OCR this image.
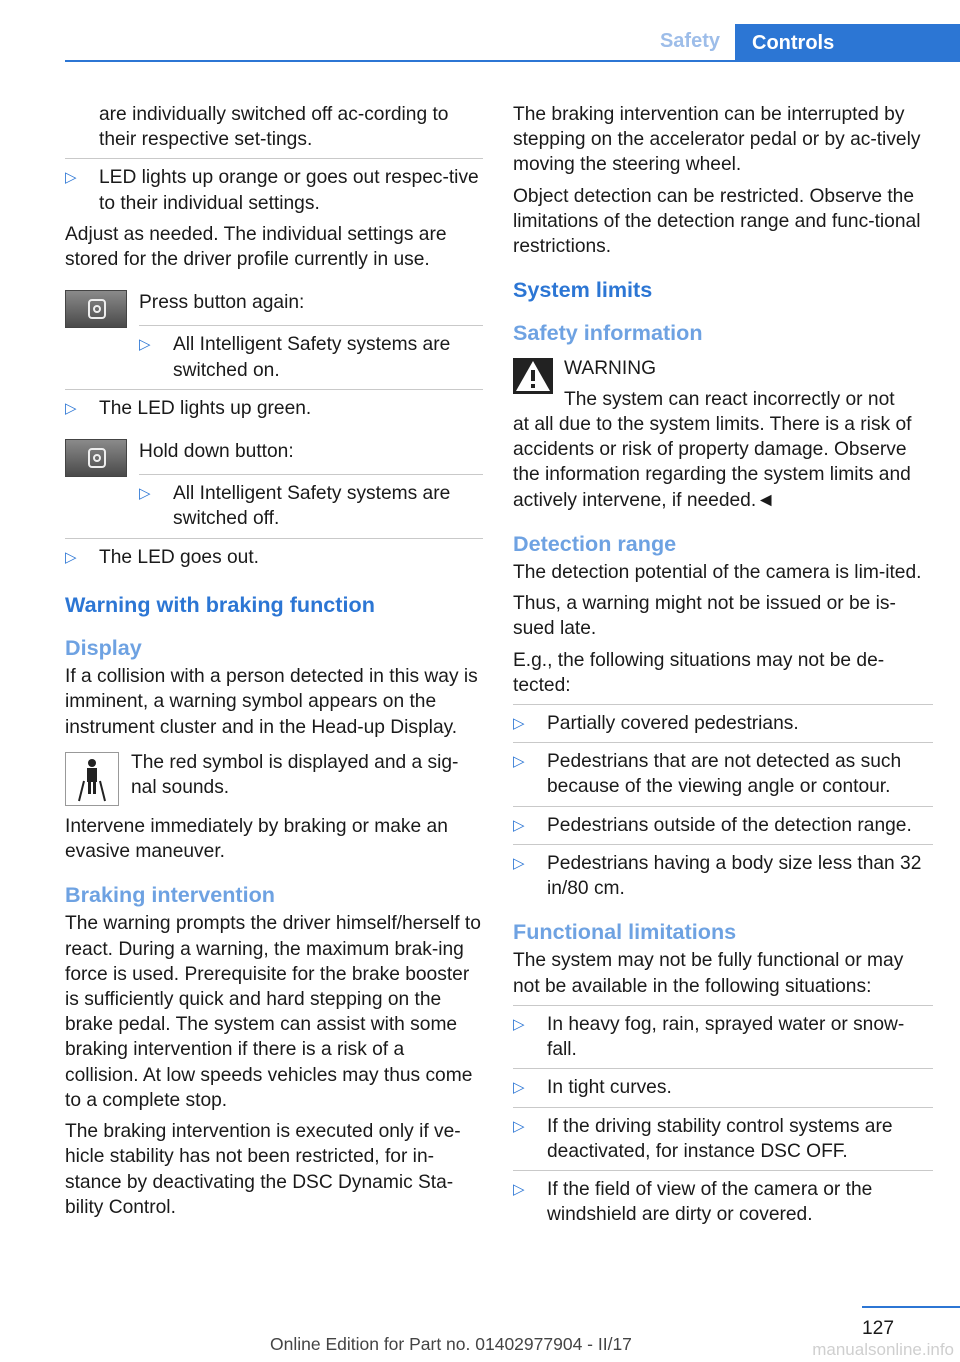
Safety	Controls

are individually switched off ac-cording to their respective set-tings.

▷ LED lights up orange or goes out respec-tive to their individual settings.

Adjust as needed. The individual settings are stored for the driver profile currently in use.

Press button again:
▷ All Intelligent Safety systems are switched on.
▷ The LED lights up green.
Hold down button:
▷ All Intelligent Safety systems are switched off.
▷ The LED goes out.
Warning with braking function
Display

If a collision with a person detected in this way is imminent, a warning symbol appears on the instrument cluster and in the Head-up Display.

The red symbol is displayed and a sig-nal sounds.

Intervene immediately by braking or make an evasive maneuver.

Braking intervention

The warning prompts the driver himself/herself to react. During a warning, the maximum brak-ing force is used. Prerequisite for the brake booster is sufficiently quick and hard stepping on the brake pedal. The system can assist with some braking intervention if there is a risk of a collision. At low speeds vehicles may thus come to a complete stop.

The braking intervention is executed only if ve-hicle stability has not been restricted, for in-stance by deactivating the DSC Dynamic Sta-bility Control.

The braking intervention can be interrupted by stepping on the accelerator pedal or by ac-tively moving the steering wheel.

Object detection can be restricted. Observe the limitations of the detection range and func-tional restrictions.

System limits
Safety information
WARNING
The system can react incorrectly or not
at all due to the system limits. There is a risk of accidents or risk of property damage. Observe the information regarding the system limits and actively intervene, if needed.◄
Detection range

The detection potential of the camera is lim-ited.

Thus, a warning might not be issued or be is-sued late.

E.g., the following situations may not be de-tected:

▷ Partially covered pedestrians.
▷ Pedestrians that are not detected as such because of the viewing angle or contour.
▷ Pedestrians outside of the detection range.
▷ Pedestrians having a body size less than 32 in/80 cm.
Functional limitations

The system may not be fully functional or may not be available in the following situations:

▷ In heavy fog, rain, sprayed water or snow-fall.
▷ In tight curves.
▷ If the driving stability control systems are deactivated, for instance DSC OFF.
▷ If the field of view of the camera or the windshield are dirty or covered.
127
Online Edition for Part no. 01402977904 - II/17	manualsonline.info
